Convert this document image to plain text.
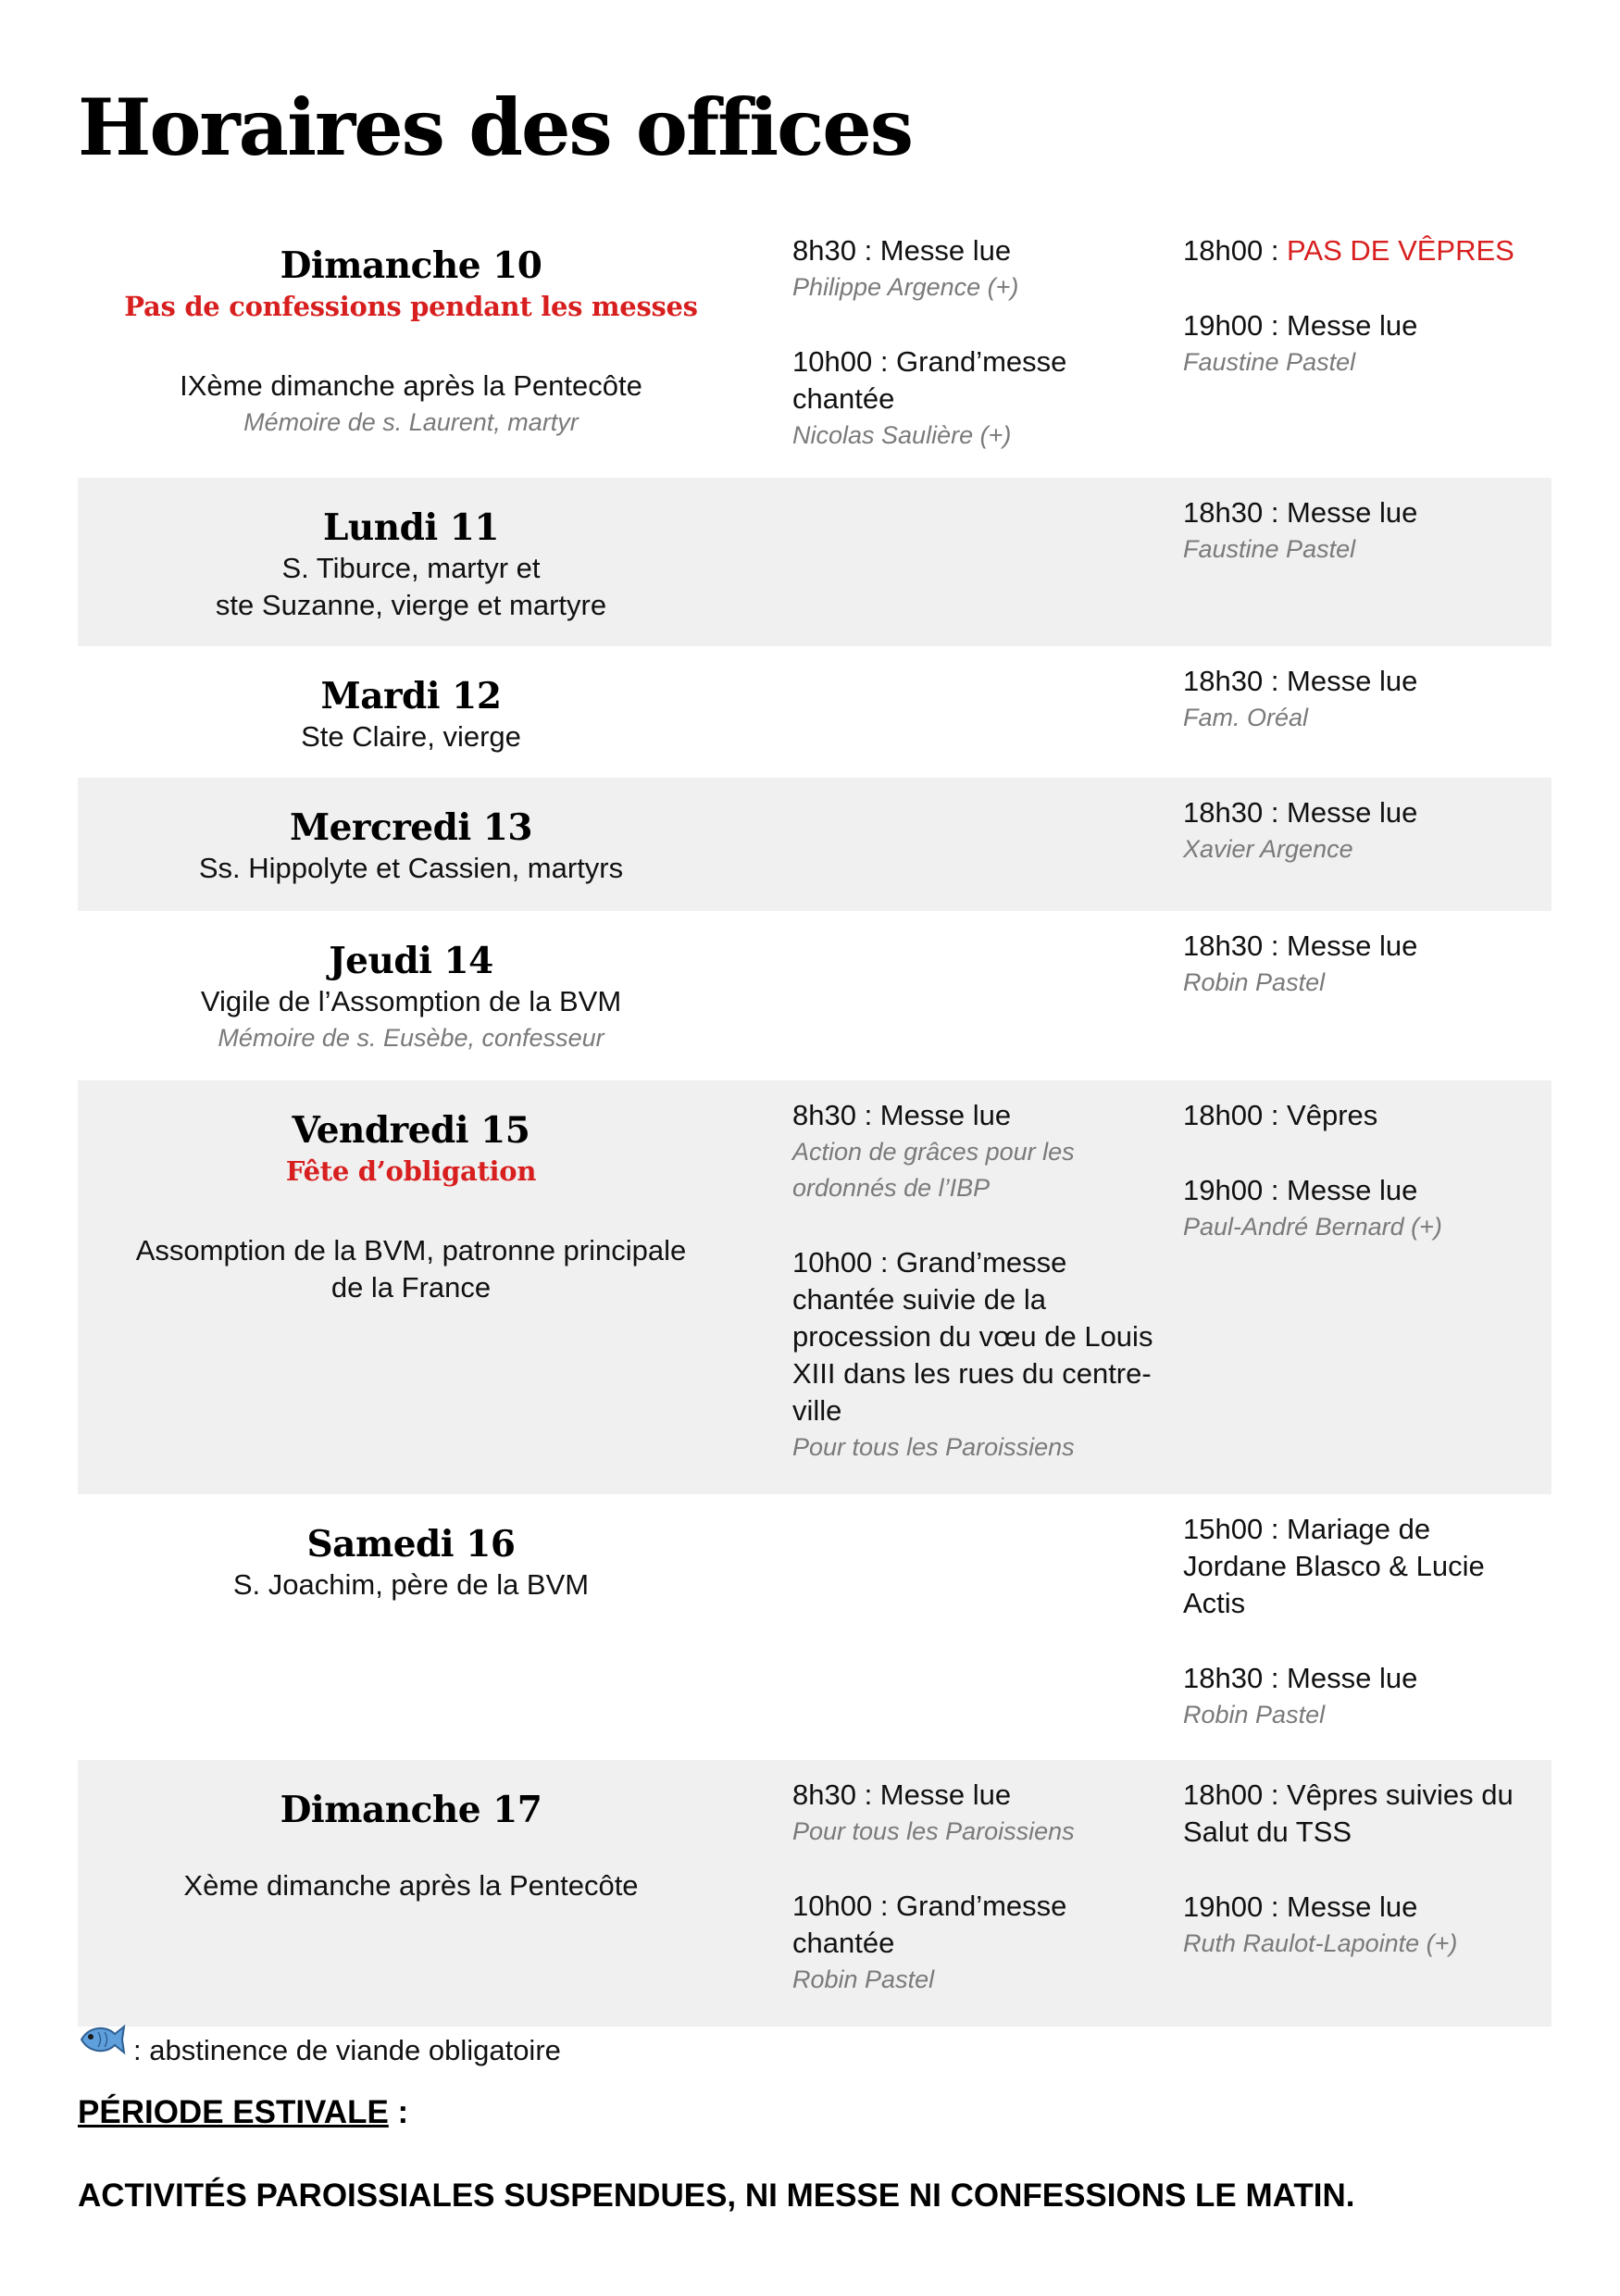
Horaires des offices
Dimanche 10
Pas de confessions pendant les messes
IXème dimanche après la Pentecôte
Mémoire de s. Laurent, martyr
8h30 : Messe lue
Philippe Argence (+)
10h00 : Grand’messe chantée
Nicolas Saulière (+)
18h00 : PAS DE VÊPRES
19h00 : Messe lue
Faustine Pastel
Lundi 11
S. Tiburce, martyr et
ste Suzanne, vierge et martyre
18h30 : Messe lue
Faustine Pastel
Mardi 12
Ste Claire, vierge
18h30 : Messe lue
Fam. Oréal
Mercredi 13
Ss. Hippolyte et Cassien, martyrs
18h30 : Messe lue
Xavier Argence
Jeudi 14
Vigile de l’Assomption de la BVM
Mémoire de s. Eusèbe, confesseur
18h30 : Messe lue
Robin Pastel
Vendredi 15
Fête d’obligation
Assomption de la BVM, patronne principale
de la France
8h30 : Messe lue
Action de grâces pour les ordonnés de l’IBP
10h00 : Grand’messe chantée suivie de la procession du vœu de Louis XIII dans les rues du centre-ville
Pour tous les Paroissiens
18h00 : Vêpres
19h00 : Messe lue
Paul-André Bernard (+)
Samedi 16
S. Joachim, père de la BVM
15h00 : Mariage de Jordane Blasco & Lucie Actis
18h30 : Messe lue
Robin Pastel
Dimanche 17
Xème dimanche après la Pentecôte
8h30 : Messe lue
Pour tous les Paroissiens
10h00 : Grand’messe chantée
Robin Pastel
18h00 : Vêpres suivies du Salut du TSS
19h00 : Messe lue
Ruth Raulot-Lapointe (+)
: abstinence de viande obligatoire
PÉRIODE ESTIVALE :
ACTIVITÉS PAROISSIALES SUSPENDUES, NI MESSE NI CONFESSIONS LE MATIN.
